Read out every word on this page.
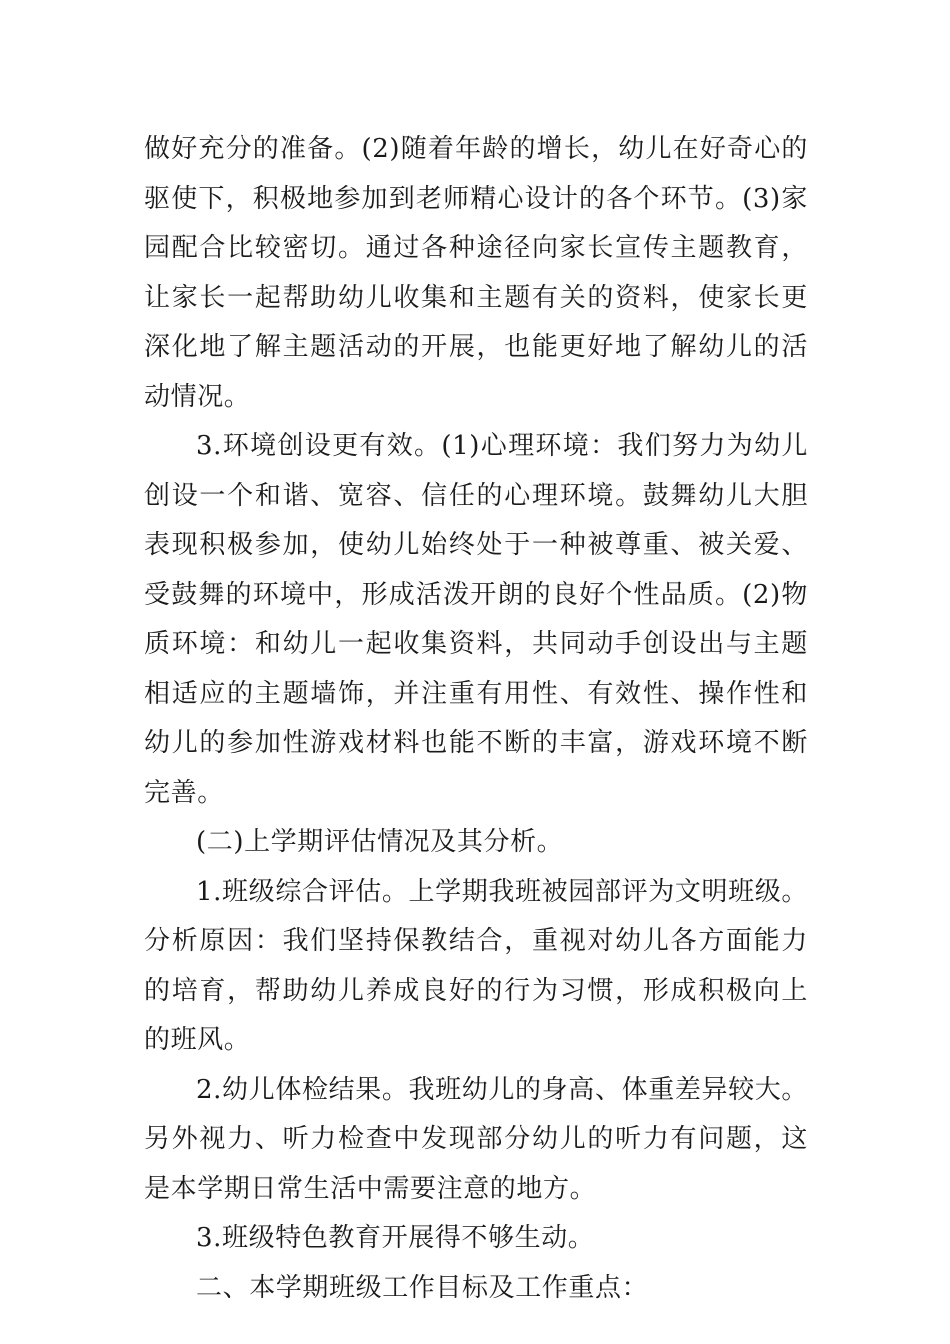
做好充分的准备。(2)随着年龄的增长，幼儿在好奇心的驱使下，积极地参加到老师精心设计的各个环节。(3)家园配合比较密切。通过各种途径向家长宣传主题教育，让家长一起帮助幼儿收集和主题有关的资料，使家长更深化地了解主题活动的开展，也能更好地了解幼儿的活动情况。

3.环境创设更有效。(1)心理环境：我们努力为幼儿创设一个和谐、宽容、信任的心理环境。鼓舞幼儿大胆表现积极参加，使幼儿始终处于一种被尊重、被关爱、受鼓舞的环境中，形成活泼开朗的良好个性品质。(2)物质环境：和幼儿一起收集资料，共同动手创设出与主题相适应的主题墙饰，并注重有用性、有效性、操作性和幼儿的参加性游戏材料也能不断的丰富，游戏环境不断完善。

(二)上学期评估情况及其分析。

1.班级综合评估。上学期我班被园部评为文明班级。分析原因：我们坚持保教结合，重视对幼儿各方面能力的培育，帮助幼儿养成良好的行为习惯，形成积极向上的班风。

2.幼儿体检结果。我班幼儿的身高、体重差异较大。另外视力、听力检查中发现部分幼儿的听力有问题，这是本学期日常生活中需要注意的地方。

3.班级特色教育开展得不够生动。

二、本学期班级工作目标及工作重点：
